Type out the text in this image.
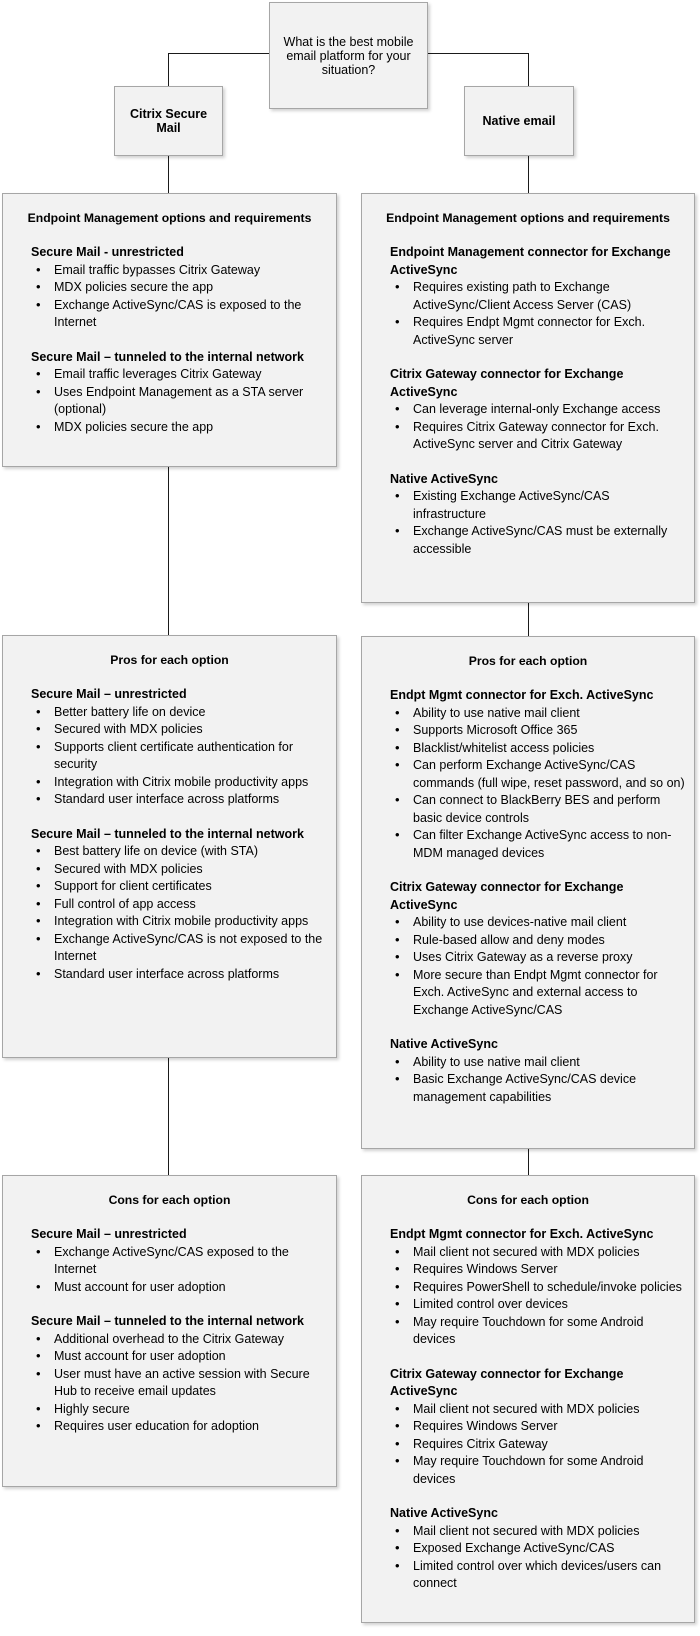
What is the best mobile email platform for your situation?
Citrix Secure Mail	Native email
Endpoint Management options and requirements
Secure Mail - unrestricted
• Email traffic bypasses Citrix Gateway
• MDX policies secure the app
• Exchange ActiveSync/CAS is exposed to the Internet
Secure Mail – tunneled to the internal network
• Email traffic leverages Citrix Gateway
• Uses Endpoint Management as a STA server (optional)
• MDX policies secure the app
Endpoint Management options and requirements
Endpoint Management connector for Exchange ActiveSync
• Requires existing path to Exchange ActiveSync/Client Access Server (CAS)
• Requires Endpt Mgmt connector for Exch. ActiveSync server
Citrix Gateway connector for Exchange ActiveSync
• Can leverage internal-only Exchange access
• Requires Citrix Gateway connector for Exch. ActiveSync server and Citrix Gateway
Native ActiveSync
• Existing Exchange ActiveSync/CAS infrastructure
• Exchange ActiveSync/CAS must be externally accessible
Pros for each option
Secure Mail – unrestricted
• Better battery life on device
• Secured with MDX policies
• Supports client certificate authentication for security
• Integration with Citrix mobile productivity apps
• Standard user interface across platforms
Secure Mail – tunneled to the internal network
• Best battery life on device (with STA)
• Secured with MDX policies
• Support for client certificates
• Full control of app access
• Integration with Citrix mobile productivity apps
• Exchange ActiveSync/CAS is not exposed to the Internet
• Standard user interface across platforms
Pros for each option
Endpt Mgmt connector for Exch. ActiveSync
• Ability to use native mail client
• Supports Microsoft Office 365
• Blacklist/whitelist access policies
• Can perform Exchange ActiveSync/CAS commands (full wipe, reset password, and so on)
• Can connect to BlackBerry BES and perform basic device controls
• Can filter Exchange ActiveSync access to non-MDM managed devices
Citrix Gateway connector for Exchange ActiveSync
• Ability to use devices-native mail client
• Rule-based allow and deny modes
• Uses Citrix Gateway as a reverse proxy
• More secure than Endpt Mgmt connector for Exch. ActiveSync and external access to Exchange ActiveSync/CAS
Native ActiveSync
• Ability to use native mail client
• Basic Exchange ActiveSync/CAS device management capabilities
Cons for each option
Secure Mail – unrestricted
• Exchange ActiveSync/CAS exposed to the Internet
• Must account for user adoption
Secure Mail – tunneled to the internal network
• Additional overhead to the Citrix Gateway
• Must account for user adoption
• User must have an active session with Secure Hub to receive email updates
• Highly secure
• Requires user education for adoption
Cons for each option
Endpt Mgmt connector for Exch. ActiveSync
• Mail client not secured with MDX policies
• Requires Windows Server
• Requires PowerShell to schedule/invoke policies
• Limited control over devices
• May require Touchdown for some Android devices
Citrix Gateway connector for Exchange ActiveSync
• Mail client not secured with MDX policies
• Requires Windows Server
• Requires Citrix Gateway
• May require Touchdown for some Android devices
Native ActiveSync
• Mail client not secured with MDX policies
• Exposed Exchange ActiveSync/CAS
• Limited control over which devices/users can connect
